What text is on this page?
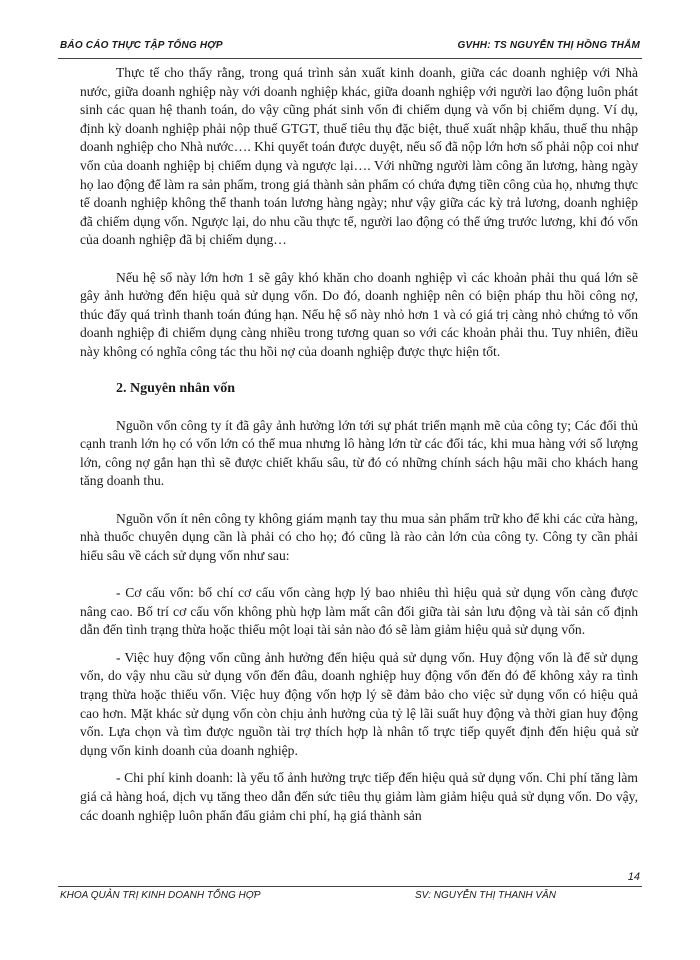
BÁO CÁO THỰC TẬP TỔNG HỢP	GVHH: TS NGUYỄN THỊ HỒNG THẮM

Thực tế cho thấy rằng, trong quá trình sản xuất kinh doanh, giữa các doanh nghiệp với Nhà nước, giữa doanh nghiệp này với doanh nghiệp khác, giữa doanh nghiệp với người lao động luôn phát sinh các quan hệ thanh toán, do vậy cũng phát sinh vốn đi chiếm dụng và vốn bị chiếm dụng. Ví dụ, định kỳ doanh nghiệp phải nộp thuế GTGT, thuế tiêu thụ đặc biệt, thuế xuất nhập khẩu, thuế thu nhập doanh nghiệp cho Nhà nước…. Khi quyết toán được duyệt, nếu số đã nộp lớn hơn số phải nộp coi như vốn của doanh nghiệp bị chiếm dụng và ngược lại…. Với những người làm công ăn lương, hàng ngày họ lao động để làm ra sản phẩm, trong giá thành sản phẩm có chứa đựng tiền công của họ, nhưng thực tế doanh nghiệp không thể thanh toán lương hàng ngày; như vậy giữa các kỳ trả lương, doanh nghiệp đã chiếm dụng vốn. Ngược lại, do nhu cầu thực tế, người lao động có thể ứng trước lương, khi đó vốn của doanh nghiệp đã bị chiếm dụng…

Nếu hệ số này lớn hơn 1 sẽ gây khó khăn cho doanh nghiệp vì các khoản phải thu quá lớn sẽ gây ảnh hưởng đến hiệu quả sử dụng vốn. Do đó, doanh nghiệp nên có biện pháp thu hồi công nợ, thúc đẩy quá trình thanh toán đúng hạn. Nếu hệ số này nhỏ hơn 1 và có giá trị càng nhỏ chứng tỏ vốn doanh nghiệp đi chiếm dụng càng nhiều trong tương quan so với các khoản phải thu. Tuy nhiên, điều này không có nghĩa công tác thu hồi nợ của doanh nghiệp được thực hiện tốt.

2. Nguyên nhân vốn

Nguồn vốn công ty ít đã gây ảnh hưởng lớn tới sự phát triển mạnh mẽ của công ty; Các đối thủ cạnh tranh lớn họ có vốn lớn có thể mua nhưng lô hàng lớn từ các đối tác, khi mua hàng với số lượng lớn, công nợ gắn hạn thì sẽ được chiết khấu sâu, từ đó có những chính sách hậu mãi cho khách hang tăng doanh thu.

Nguồn vốn ít nên công ty không giám mạnh tay thu mua sản phẩm trữ kho để khi các cửa hàng, nhà thuốc chuyên dụng cần là phải có cho họ; đó cũng là rào cản lớn của công ty. Công ty cần phải hiểu sâu về cách sử dụng vốn như sau:

- Cơ cấu vốn: bố chí cơ cấu vốn càng hợp lý bao nhiêu thì hiệu quả sử dụng vốn càng được nâng cao. Bố trí cơ cấu vốn không phù hợp làm mất cân đối giữa tài sản lưu động và tài sản cố định dẫn đến tình trạng thừa hoặc thiếu một loại tài sản nào đó sẽ làm giảm hiệu quả sử dụng vốn.

- Việc huy động vốn cũng ảnh hưởng đến hiệu quả sử dụng vốn. Huy động vốn là để sử dụng vốn, do vậy nhu cầu sử dụng vốn đến đâu, doanh nghiệp huy động vốn đến đó để không xảy ra tình trạng thừa hoặc thiếu vốn. Việc huy động vốn hợp lý sẽ đảm bảo cho việc sử dụng vốn có hiệu quả cao hơn. Mặt khác sử dụng vốn còn chịu ảnh hưởng của tỷ lệ lãi suất huy động và thời gian huy động vốn. Lựa chọn và tìm được nguồn tài trợ thích hợp là nhân tố trực tiếp quyết định đến hiệu quả sử dụng vốn kinh doanh của doanh nghiệp.

- Chi phí kinh doanh: là yếu tố ảnh hưởng trực tiếp đến hiệu quả sử dụng vốn. Chi phí tăng làm giá cả hàng hoá, dịch vụ tăng theo dẫn đến sức tiêu thụ giảm làm giảm hiệu quả sử dụng vốn. Do vậy, các doanh nghiệp luôn phấn đấu giảm chi phí, hạ giá thành sản

14
KHOA QUẢN TRỊ KINH DOANH TỔNG HỢP	SV: NGUYỄN THỊ THANH VÂN
